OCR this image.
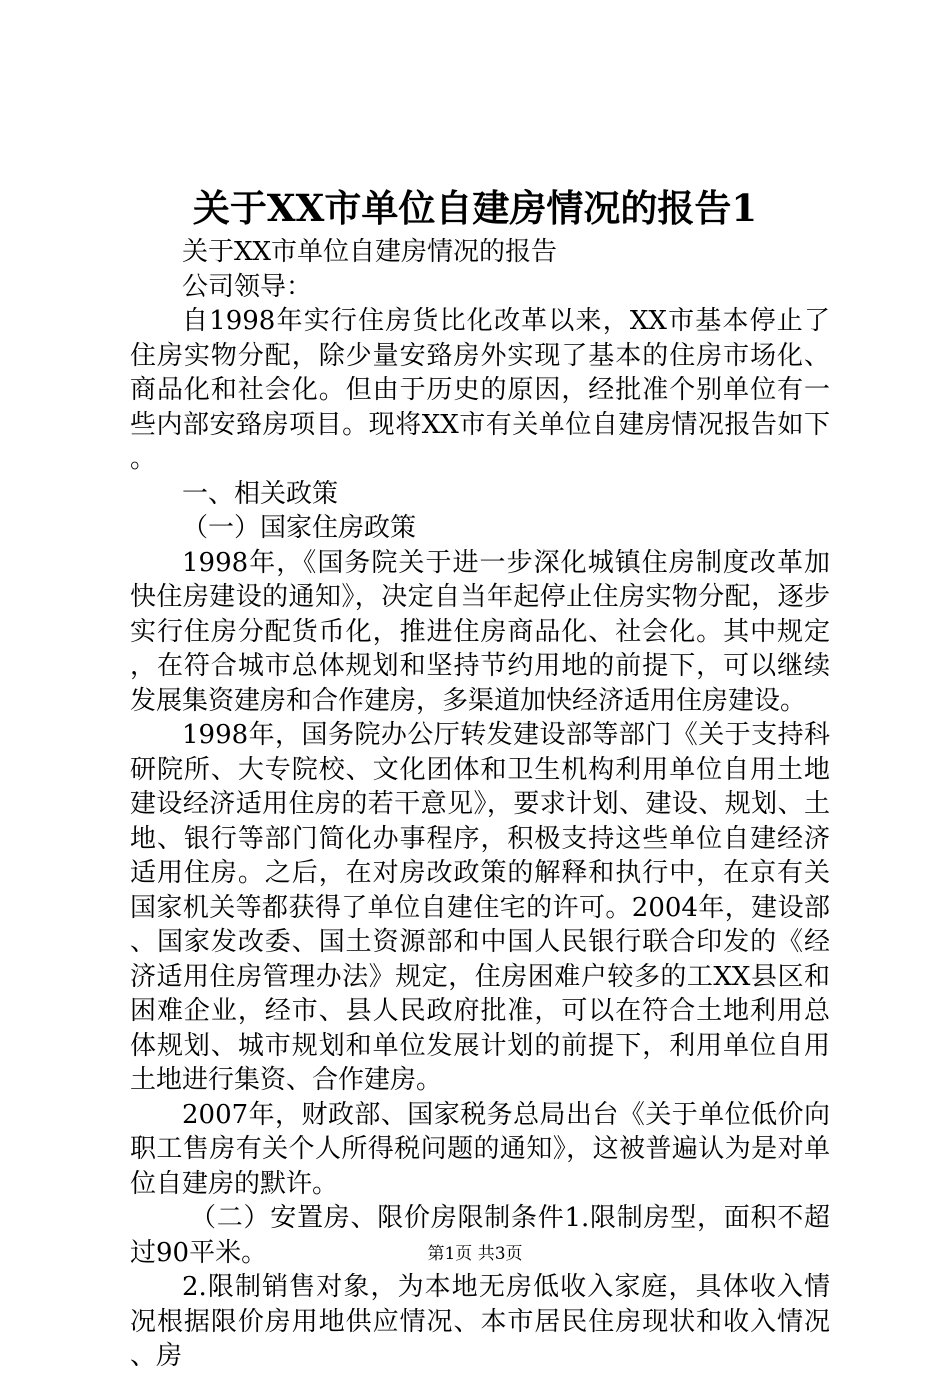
关于XX市单位自建房情况的报告1

关于XX市单位自建房情况的报告

公司领导：

自1998年实行住房货比化改革以来，XX市基本停止了住房实物分配，除少量安臵房外实现了基本的住房市场化、商品化和社会化。但由于历史的原因，经批准个别单位有一些内部安臵房项目。现将XX市有关单位自建房情况报告如下。

一、相关政策

（一）国家住房政策

1998年，《国务院关于进一步深化城镇住房制度改革加快住房建设的通知》，决定自当年起停止住房实物分配，逐步实行住房分配货币化，推进住房商品化、社会化。其中规定，在符合城市总体规划和坚持节约用地的前提下，可以继续发展集资建房和合作建房，多渠道加快经济适用住房建设。

1998年，国务院办公厅转发建设部等部门《关于支持科研院所、大专院校、文化团体和卫生机构利用单位自用土地建设经济适用住房的若干意见》，要求计划、建设、规划、土地、银行等部门简化办事程序，积极支持这些单位自建经济适用住房。之后，在对房改政策的解释和执行中，在京有关国家机关等都获得了单位自建住宅的许可。2004年，建设部、国家发改委、国土资源部和中国人民银行联合印发的《经济适用住房管理办法》规定，住房困难户较多的工XX县区和困难企业，经市、县人民政府批准，可以在符合土地利用总体规划、城市规划和单位发展计划的前提下，利用单位自用土地进行集资、合作建房。

2007年，财政部、国家税务总局出台《关于单位低价向职工售房有关个人所得税问题的通知》，这被普遍认为是对单位自建房的默许。

（二）安置房、限价房限制条件1.限制房型，面积不超过90平米。

2.限制销售对象，为本地无房低收入家庭，具体收入情况根据限价房用地供应情况、本市居民住房现状和收入情况、房

第1页 共3页
